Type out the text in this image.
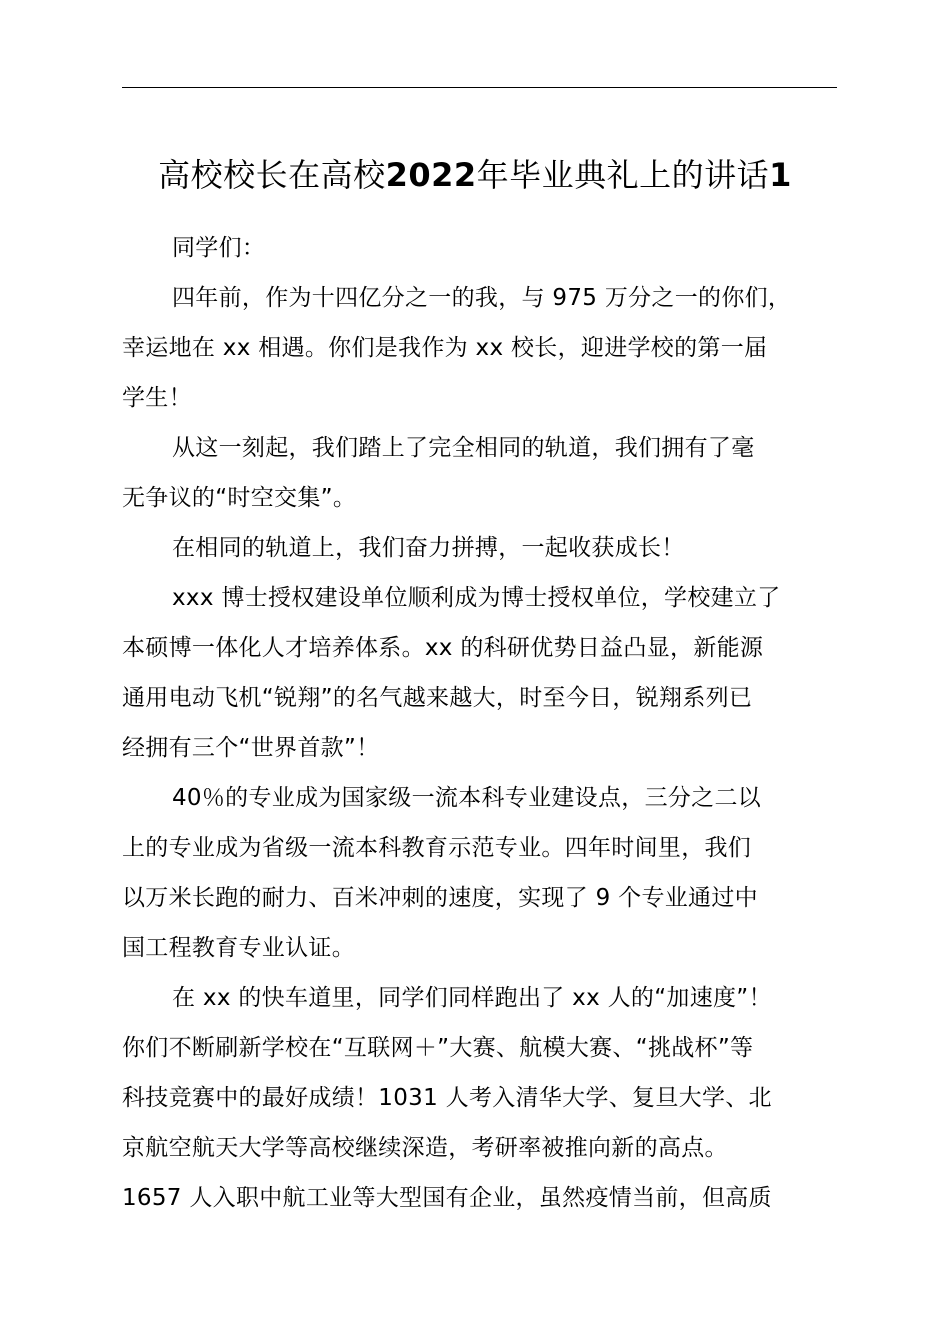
高校校长在高校2022年毕业典礼上的讲话1

同学们：

四年前，作为十四亿分之一的我，与 975 万分之一的你们，
幸运地在 xx 相遇。你们是我作为 xx 校长，迎进学校的第一届
学生！

从这一刻起，我们踏上了完全相同的轨道，我们拥有了毫
无争议的“时空交集”。

在相同的轨道上，我们奋力拼搏，一起收获成长！

xxx 博士授权建设单位顺利成为博士授权单位，学校建立了
本硕博一体化人才培养体系。xx 的科研优势日益凸显，新能源
通用电动飞机“锐翔”的名气越来越大，时至今日，锐翔系列已
经拥有三个“世界首款”！

40％的专业成为国家级一流本科专业建设点，三分之二以
上的专业成为省级一流本科教育示范专业。四年时间里，我们
以万米长跑的耐力、百米冲刺的速度，实现了 9 个专业通过中
国工程教育专业认证。

在 xx 的快车道里，同学们同样跑出了 xx 人的“加速度”！
你们不断刷新学校在“互联网＋”大赛、航模大赛、“挑战杯”等
科技竞赛中的最好成绩！1031 人考入清华大学、复旦大学、北
京航空航天大学等高校继续深造，考研率被推向新的高点。
1657 人入职中航工业等大型国有企业，虽然疫情当前，但高质
